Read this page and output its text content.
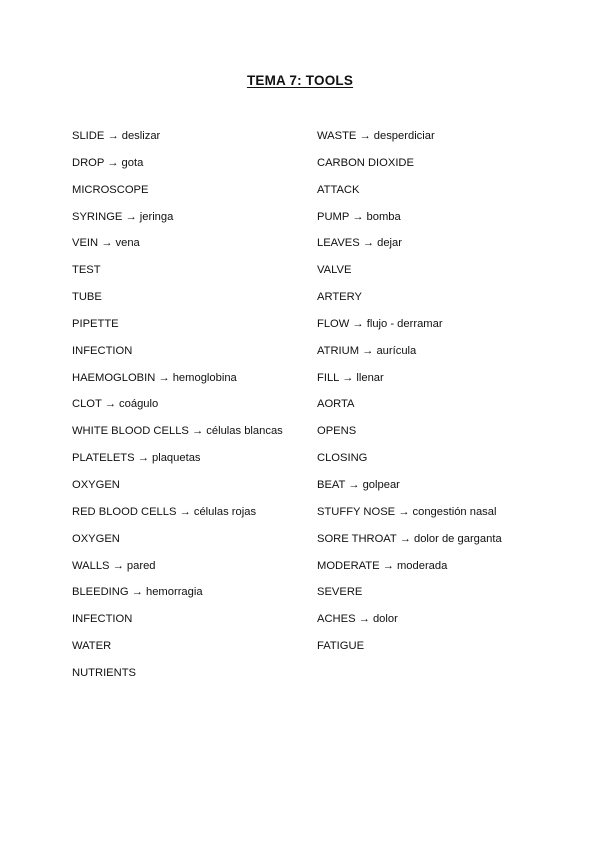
TEMA 7: TOOLS
SLIDE → deslizar
DROP → gota
MICROSCOPE
SYRINGE → jeringa
VEIN → vena
TEST
TUBE
PIPETTE
INFECTION
HAEMOGLOBIN → hemoglobina
CLOT → coágulo
WHITE BLOOD CELLS → células blancas
PLATELETS → plaquetas
OXYGEN
RED BLOOD CELLS → células rojas
OXYGEN
WALLS → pared
BLEEDING → hemorragia
INFECTION
WATER
NUTRIENTS
WASTE → desperdiciar
CARBON DIOXIDE
ATTACK
PUMP → bomba
LEAVES → dejar
VALVE
ARTERY
FLOW → flujo - derramar
ATRIUM → aurícula
FILL → llenar
AORTA
OPENS
CLOSING
BEAT → golpear
STUFFY NOSE → congestión nasal
SORE THROAT → dolor de garganta
MODERATE → moderada
SEVERE
ACHES → dolor
FATIGUE
